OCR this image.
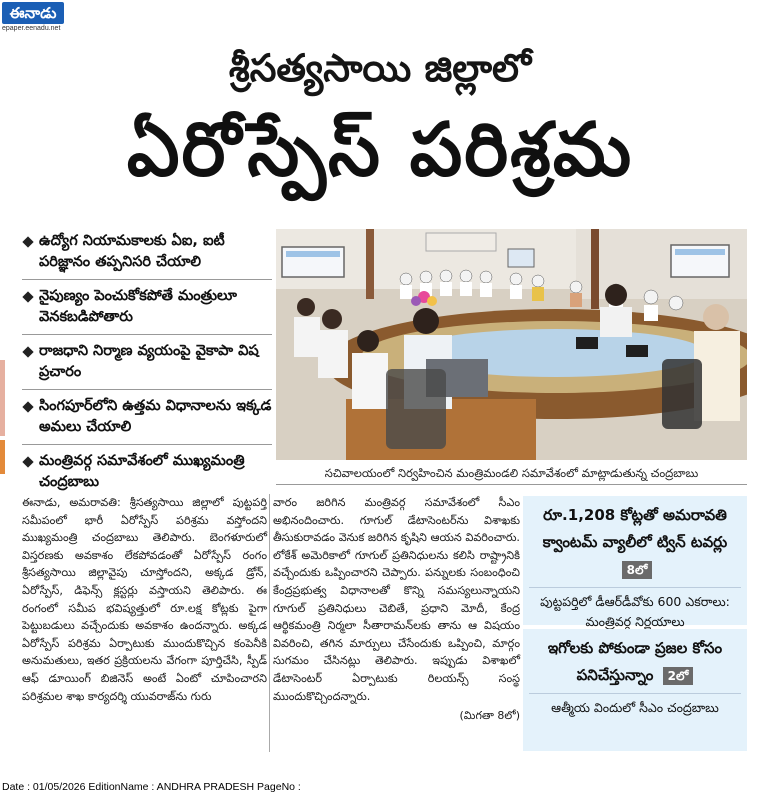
ఈనాడు
epaper.eenadu.net
శ్రీసత్యసాయి జిల్లాలో
ఏరోస్పేస్ పరిశ్రమ
ఉద్యోగ నియామకాలకు ఏఐ, ఐటీ పరిజ్ఞానం తప్పనిసరి చేయాలి
నైపుణ్యం పెంచుకోకపోతే మంత్రులూ వెనకబడిపోతారు
రాజధాని నిర్మాణ వ్యయంపై వైకాపా విష ప్రచారం
సింగపూర్‌లోని ఉత్తమ విధానాలను ఇక్కడ అమలు చేయాలి
మంత్రివర్గ సమావేశంలో ముఖ్యమంత్రి చంద్రబాబు
సచివాలయంలో నిర్వహించిన మంత్రిమండలి సమావేశంలో మాట్లాడుతున్న చంద్రబాబు
ఈనాడు, అమరావతి: శ్రీసత్యసాయి జిల్లాలో పుట్టపర్తి సమీపంలో భారీ ఏరోస్పేస్ పరిశ్రమ వస్తోందని ముఖ్యమంత్రి చంద్రబాబు తెలిపారు. బెంగళూరులో విస్తరణకు అవకాశం లేకపోవడంతో ఏరోస్పేస్ రంగం శ్రీసత్యసాయి జిల్లావైపు చూస్తోందని, అక్కడ డ్రోన్, ఏరోస్పేస్, డిఫెన్స్ క్లస్టర్లు వస్తాయని తెలిపారు. ఈ రంగంలో సమీప భవిష్యత్తులో రూ.లక్ష కోట్లకు పైగా పెట్టుబడులు వచ్చేందుకు అవకాశం ఉందన్నారు. అక్కడ ఏరోస్పేస్ పరిశ్రమ ఏర్పాటుకు ముందుకొచ్చిన కంపెనీకి అనుమతులు, ఇతర ప్రక్రియలను వేగంగా పూర్తిచేసి, స్పీడ్ ఆఫ్ డూయింగ్ బిజినెస్ అంటే ఏంటో చూపించారని పరిశ్రమల శాఖ కార్యదర్శి యువరాజ్‌ను గురు
వారం జరిగిన మంత్రివర్గ సమావేశంలో సీఎం అభినందించారు. గూగుల్ డేటాసెంటర్‌ను విశాఖకు తీసుకురావడం వెనుక జరిగిన కృషిని ఆయన వివరించారు. లోకేశ్ అమెరికాలో గూగుల్ ప్రతినిధులను కలిసి రాష్ట్రానికి వచ్చేందుకు ఒప్పించారని చెప్పారు. పన్నులకు సంబంధించి కేంద్రప్రభుత్వ విధానాలతో కొన్ని సమస్యలున్నాయని గూగుల్ ప్రతినిధులు చెబితే, ప్రధాని మోదీ, కేంద్ర ఆర్థికమంత్రి నిర్మలా సీతారామన్‌లకు తాను ఆ విషయం వివరించి, తగిన మార్పులు చేసేందుకు ఒప్పించి, మార్గం సుగమం చేసినట్లు తెలిపారు. ఇప్పుడు విశాఖలో డేటాసెంటర్ ఏర్పాటుకు రిలయన్స్ సంస్థ ముందుకొచ్చిందన్నారు.
(మిగతా 8లో)
రూ.1,208 కోట్లతో అమరావతి క్వాంటమ్ వ్యాలీలో ట్విన్ టవర్లు 8లో
పుట్టపర్తిలో డీఆర్‌డీవోకు 600 ఎకరాలు: మంత్రివర్గ నిర్ణయాలు
ఇగోలకు పోకుండా ప్రజల కోసం పనిచేస్తున్నాం 2లో
ఆత్మీయ విందులో సీఎం చంద్రబాబు
Date : 01/05/2026 EditionName : ANDHRA PRADESH PageNo :
